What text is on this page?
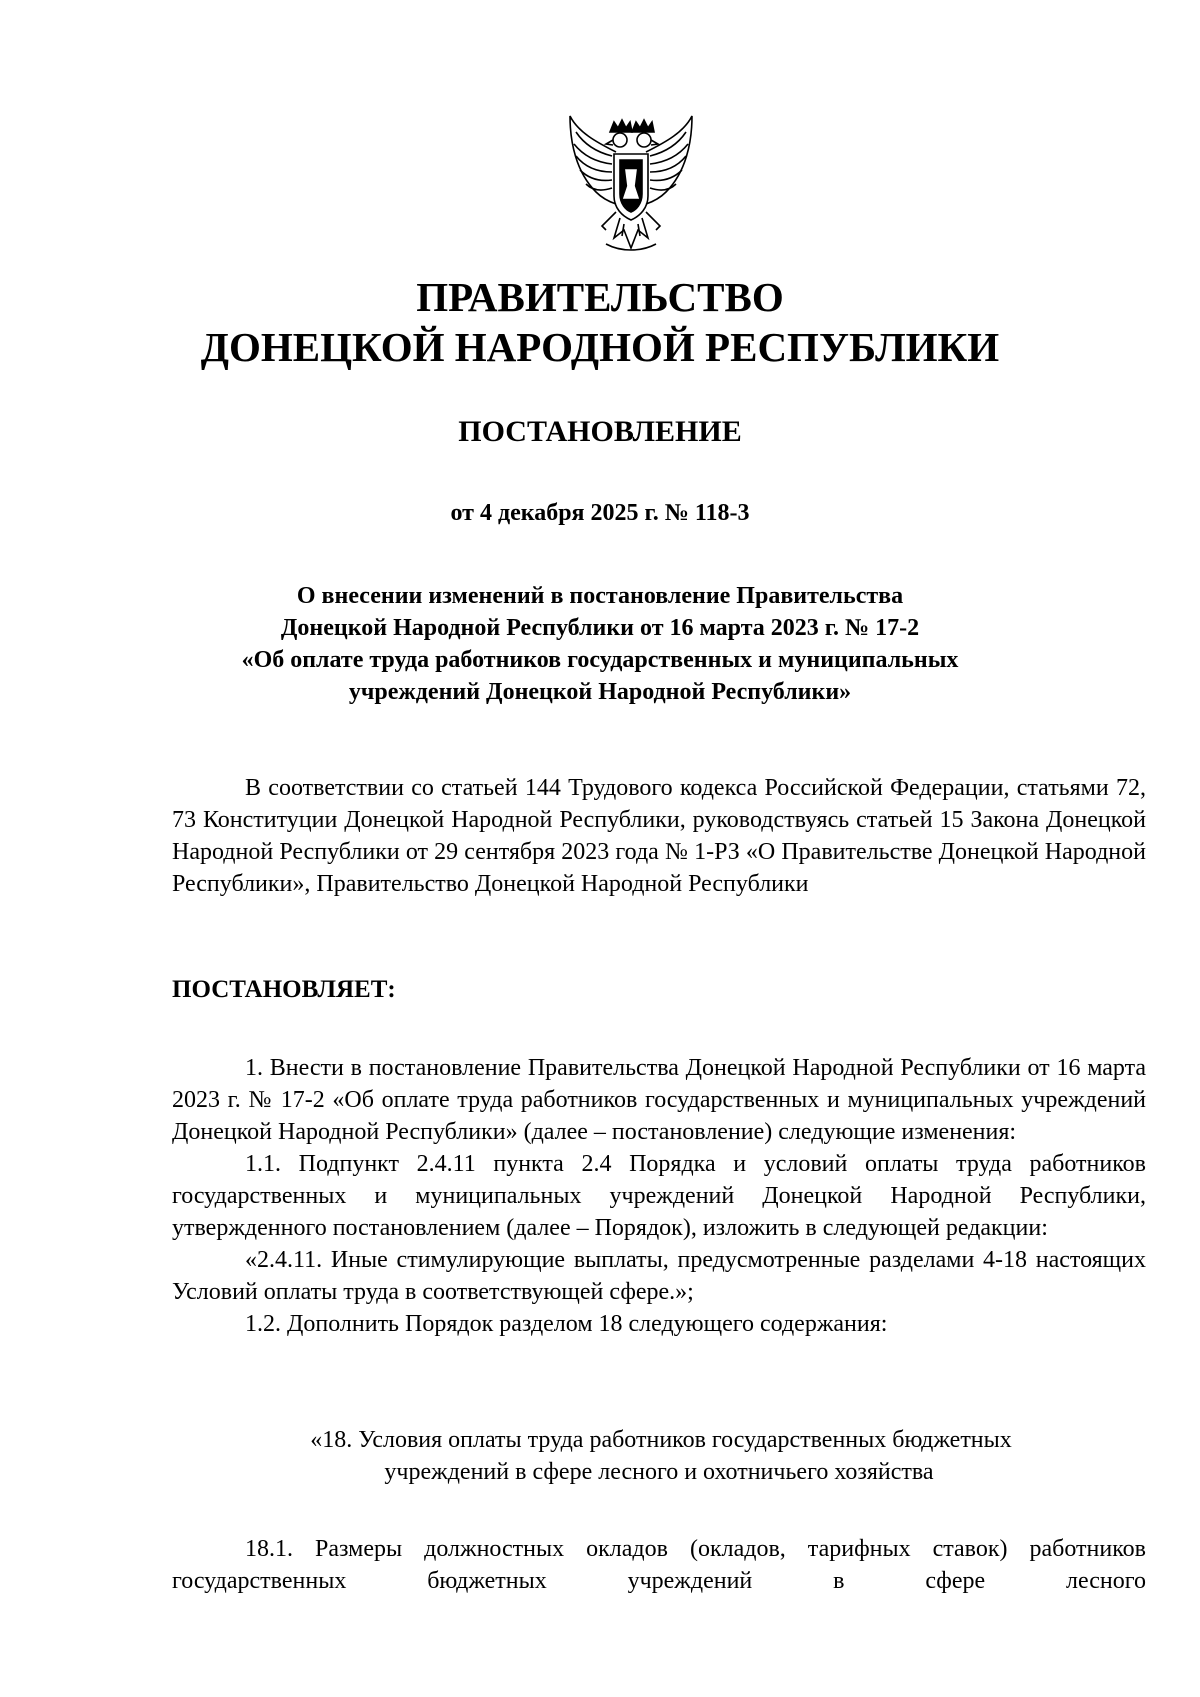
ПРАВИТЕЛЬСТВО
ДОНЕЦКОЙ НАРОДНОЙ РЕСПУБЛИКИ
ПОСТАНОВЛЕНИЕ
от 4 декабря 2025 г. № 118-3
О внесении изменений в постановление Правительства
Донецкой Народной Республики от 16 марта 2023 г. № 17-2
«Об оплате труда работников государственных и муниципальных
учреждений Донецкой Народной Республики»

В соответствии со статьей 144 Трудового кодекса Российской Федерации, статьями 72, 73 Конституции Донецкой Народной Республики, руководствуясь статьей 15 Закона Донецкой Народной Республики от 29 сентября 2023 года № 1-РЗ «О Правительстве Донецкой Народной Республики», Правительство Донецкой Народной Республики

ПОСТАНОВЛЯЕТ:

1. Внести в постановление Правительства Донецкой Народной Республики от 16 марта 2023 г. № 17-2 «Об оплате труда работников государственных и муниципальных учреждений Донецкой Народной Республики» (далее – постановление) следующие изменения:

1.1. Подпункт 2.4.11 пункта 2.4 Порядка и условий оплаты труда работников государственных и муниципальных учреждений Донецкой Народной Республики, утвержденного постановлением (далее – Порядок), изложить в следующей редакции:

«2.4.11. Иные стимулирующие выплаты, предусмотренные разделами 4-18 настоящих Условий оплаты труда в соответствующей сфере.»;

1.2. Дополнить Порядок разделом 18 следующего содержания:

«18. Условия оплаты труда работников государственных бюджетных
учреждений в сфере лесного и охотничьего хозяйства

18.1. Размеры должностных окладов (окладов, тарифных ставок) работников государственных бюджетных учреждений в сфере лесного
